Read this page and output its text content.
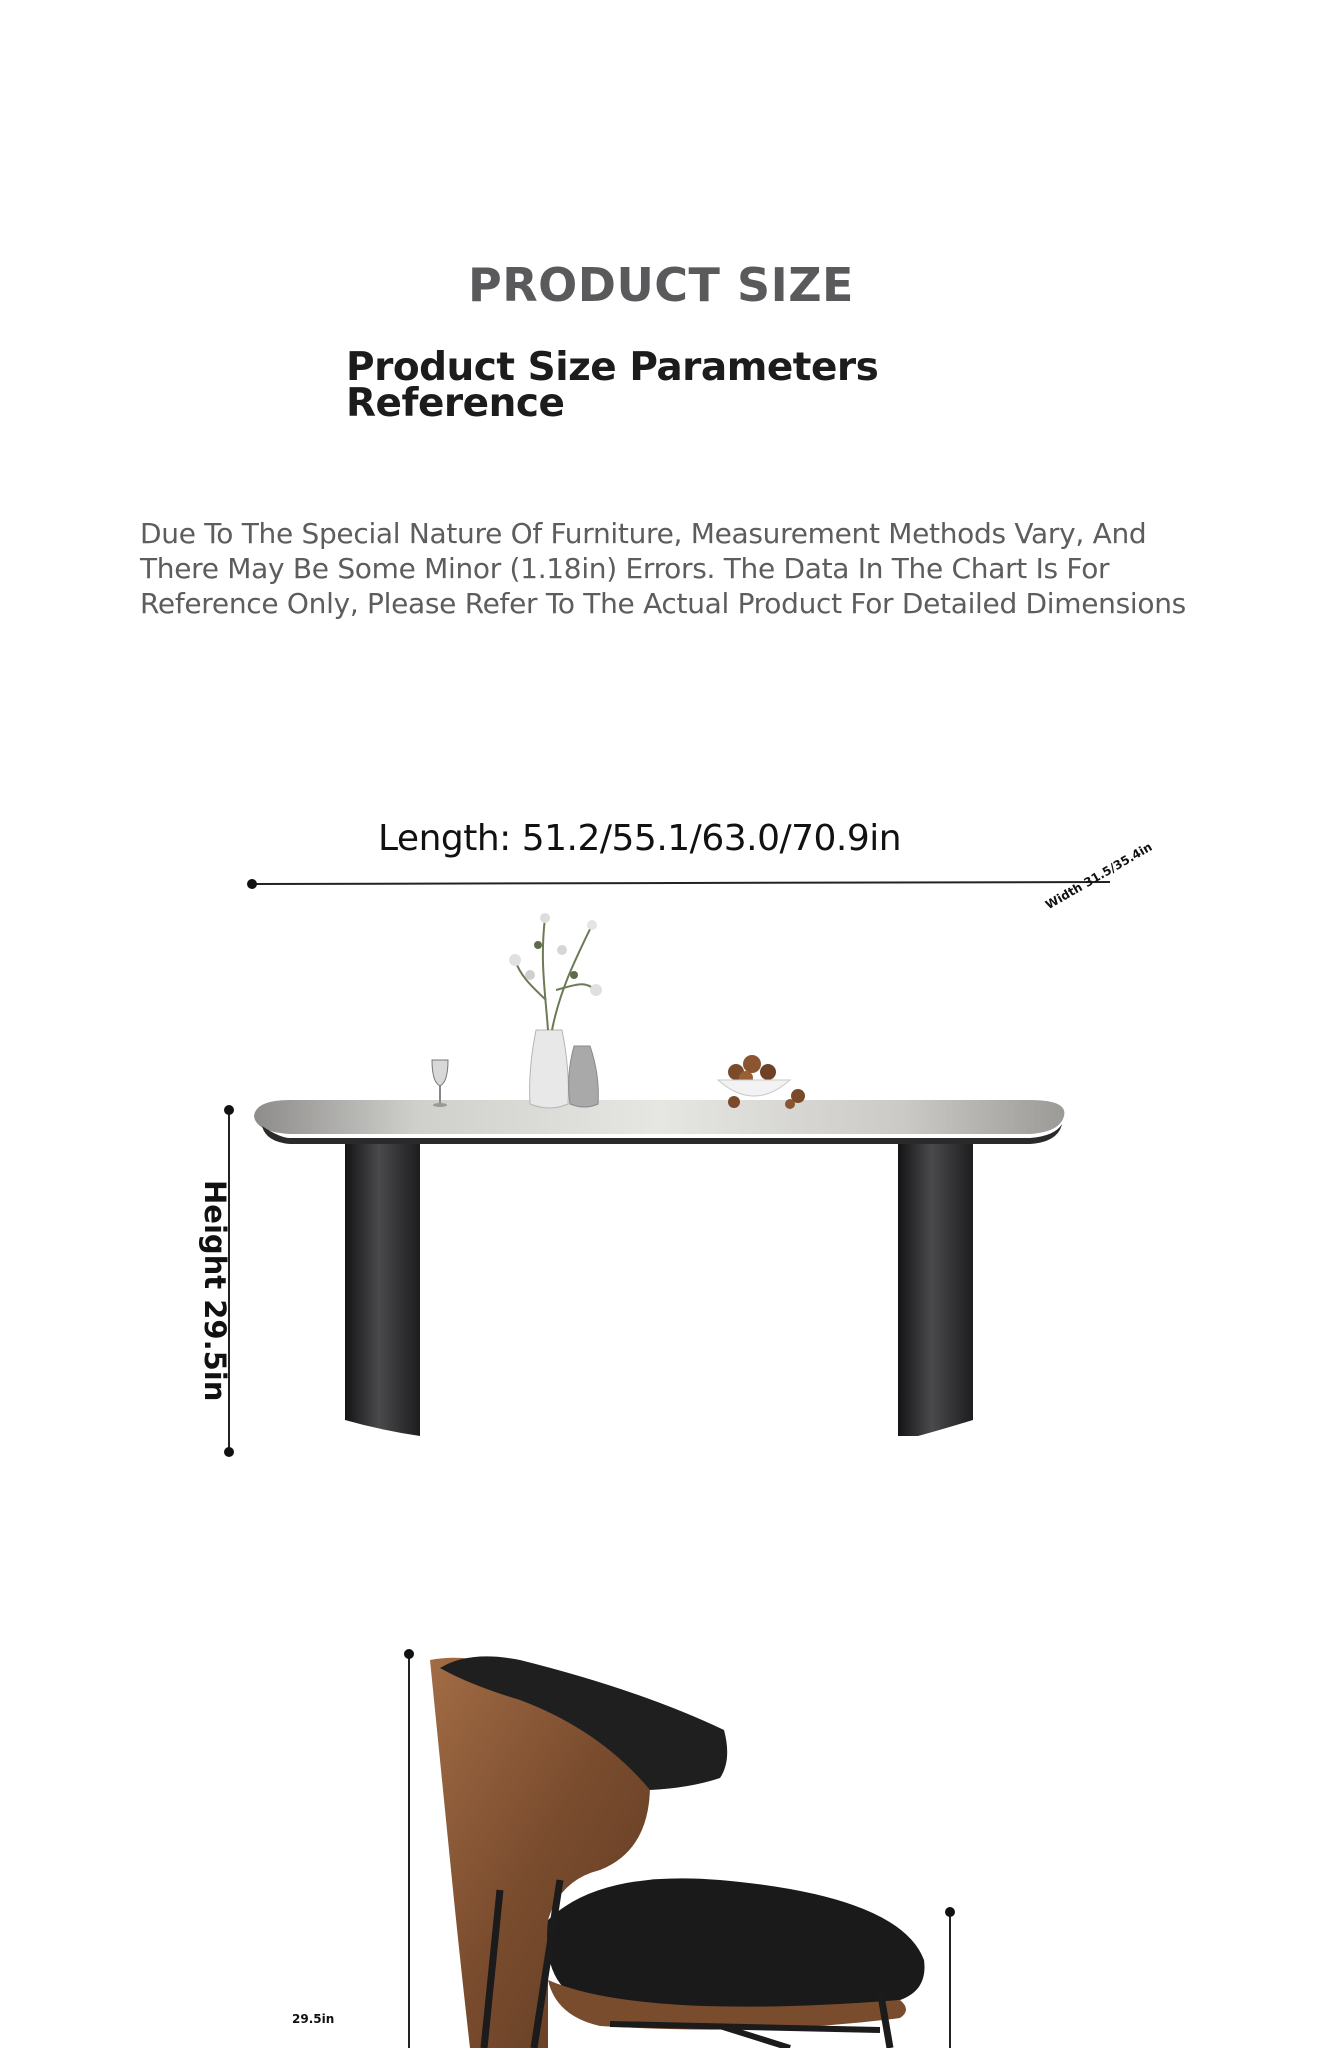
PRODUCT SIZE
Product Size Parameters
Reference
Due To The Special Nature Of Furniture, Measurement Methods Vary, And
There May Be Some Minor (1.18in) Errors. The Data In The Chart Is For
Reference Only, Please Refer To The Actual Product For Detailed Dimensions
Length: 51.2/55.1/63.0/70.9in
Width 31.5/35.4in
Height 29.5in
29.5in
